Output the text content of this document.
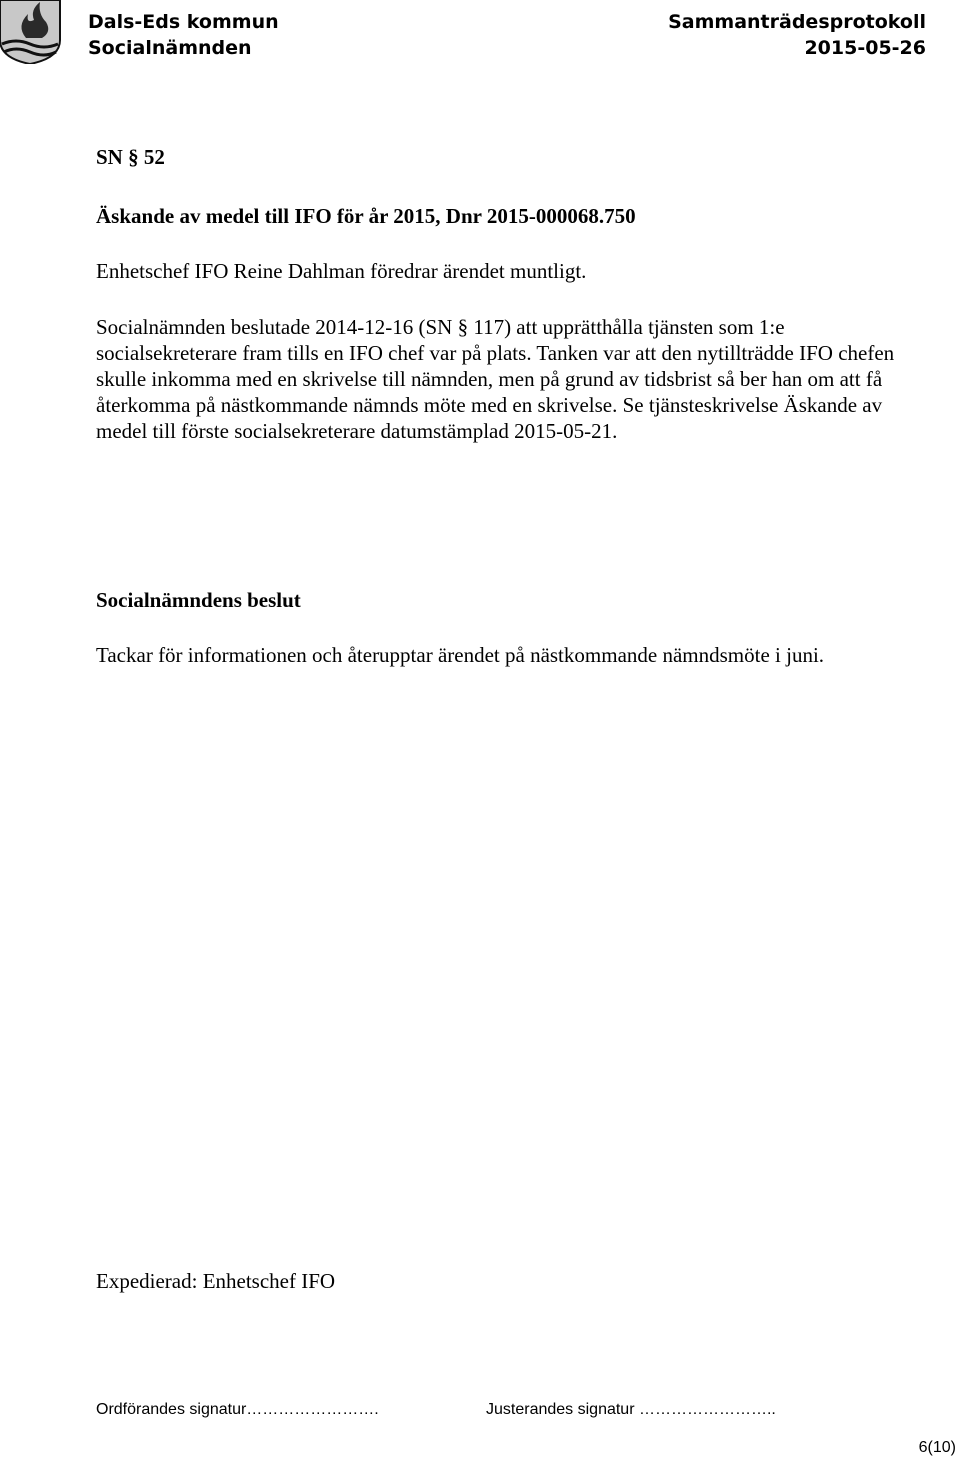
Dals-Eds kommun
Socialnämnden
Sammanträdesprotokoll
2015-05-26
SN § 52
Äskande av medel till IFO för år 2015, Dnr 2015-000068.750
Enhetschef IFO Reine Dahlman föredrar ärendet muntligt.
Socialnämnden beslutade 2014-12-16 (SN § 117) att upprätthålla tjänsten som 1:e socialsekreterare fram tills en IFO chef var på plats. Tanken var att den nytillträdde IFO chefen skulle inkomma med en skrivelse till nämnden, men på grund av tidsbrist så ber han om att få återkomma på nästkommande nämnds möte med en skrivelse. Se tjänsteskrivelse Äskande av medel till förste socialsekreterare datumstämplad 2015-05-21.
Socialnämndens beslut
Tackar för informationen och återupptar ärendet på nästkommande nämndsmöte i juni.
Expedierad: Enhetschef IFO
Ordförandes signatur…………………….	Justerandes signatur ……………………..
6(10)
